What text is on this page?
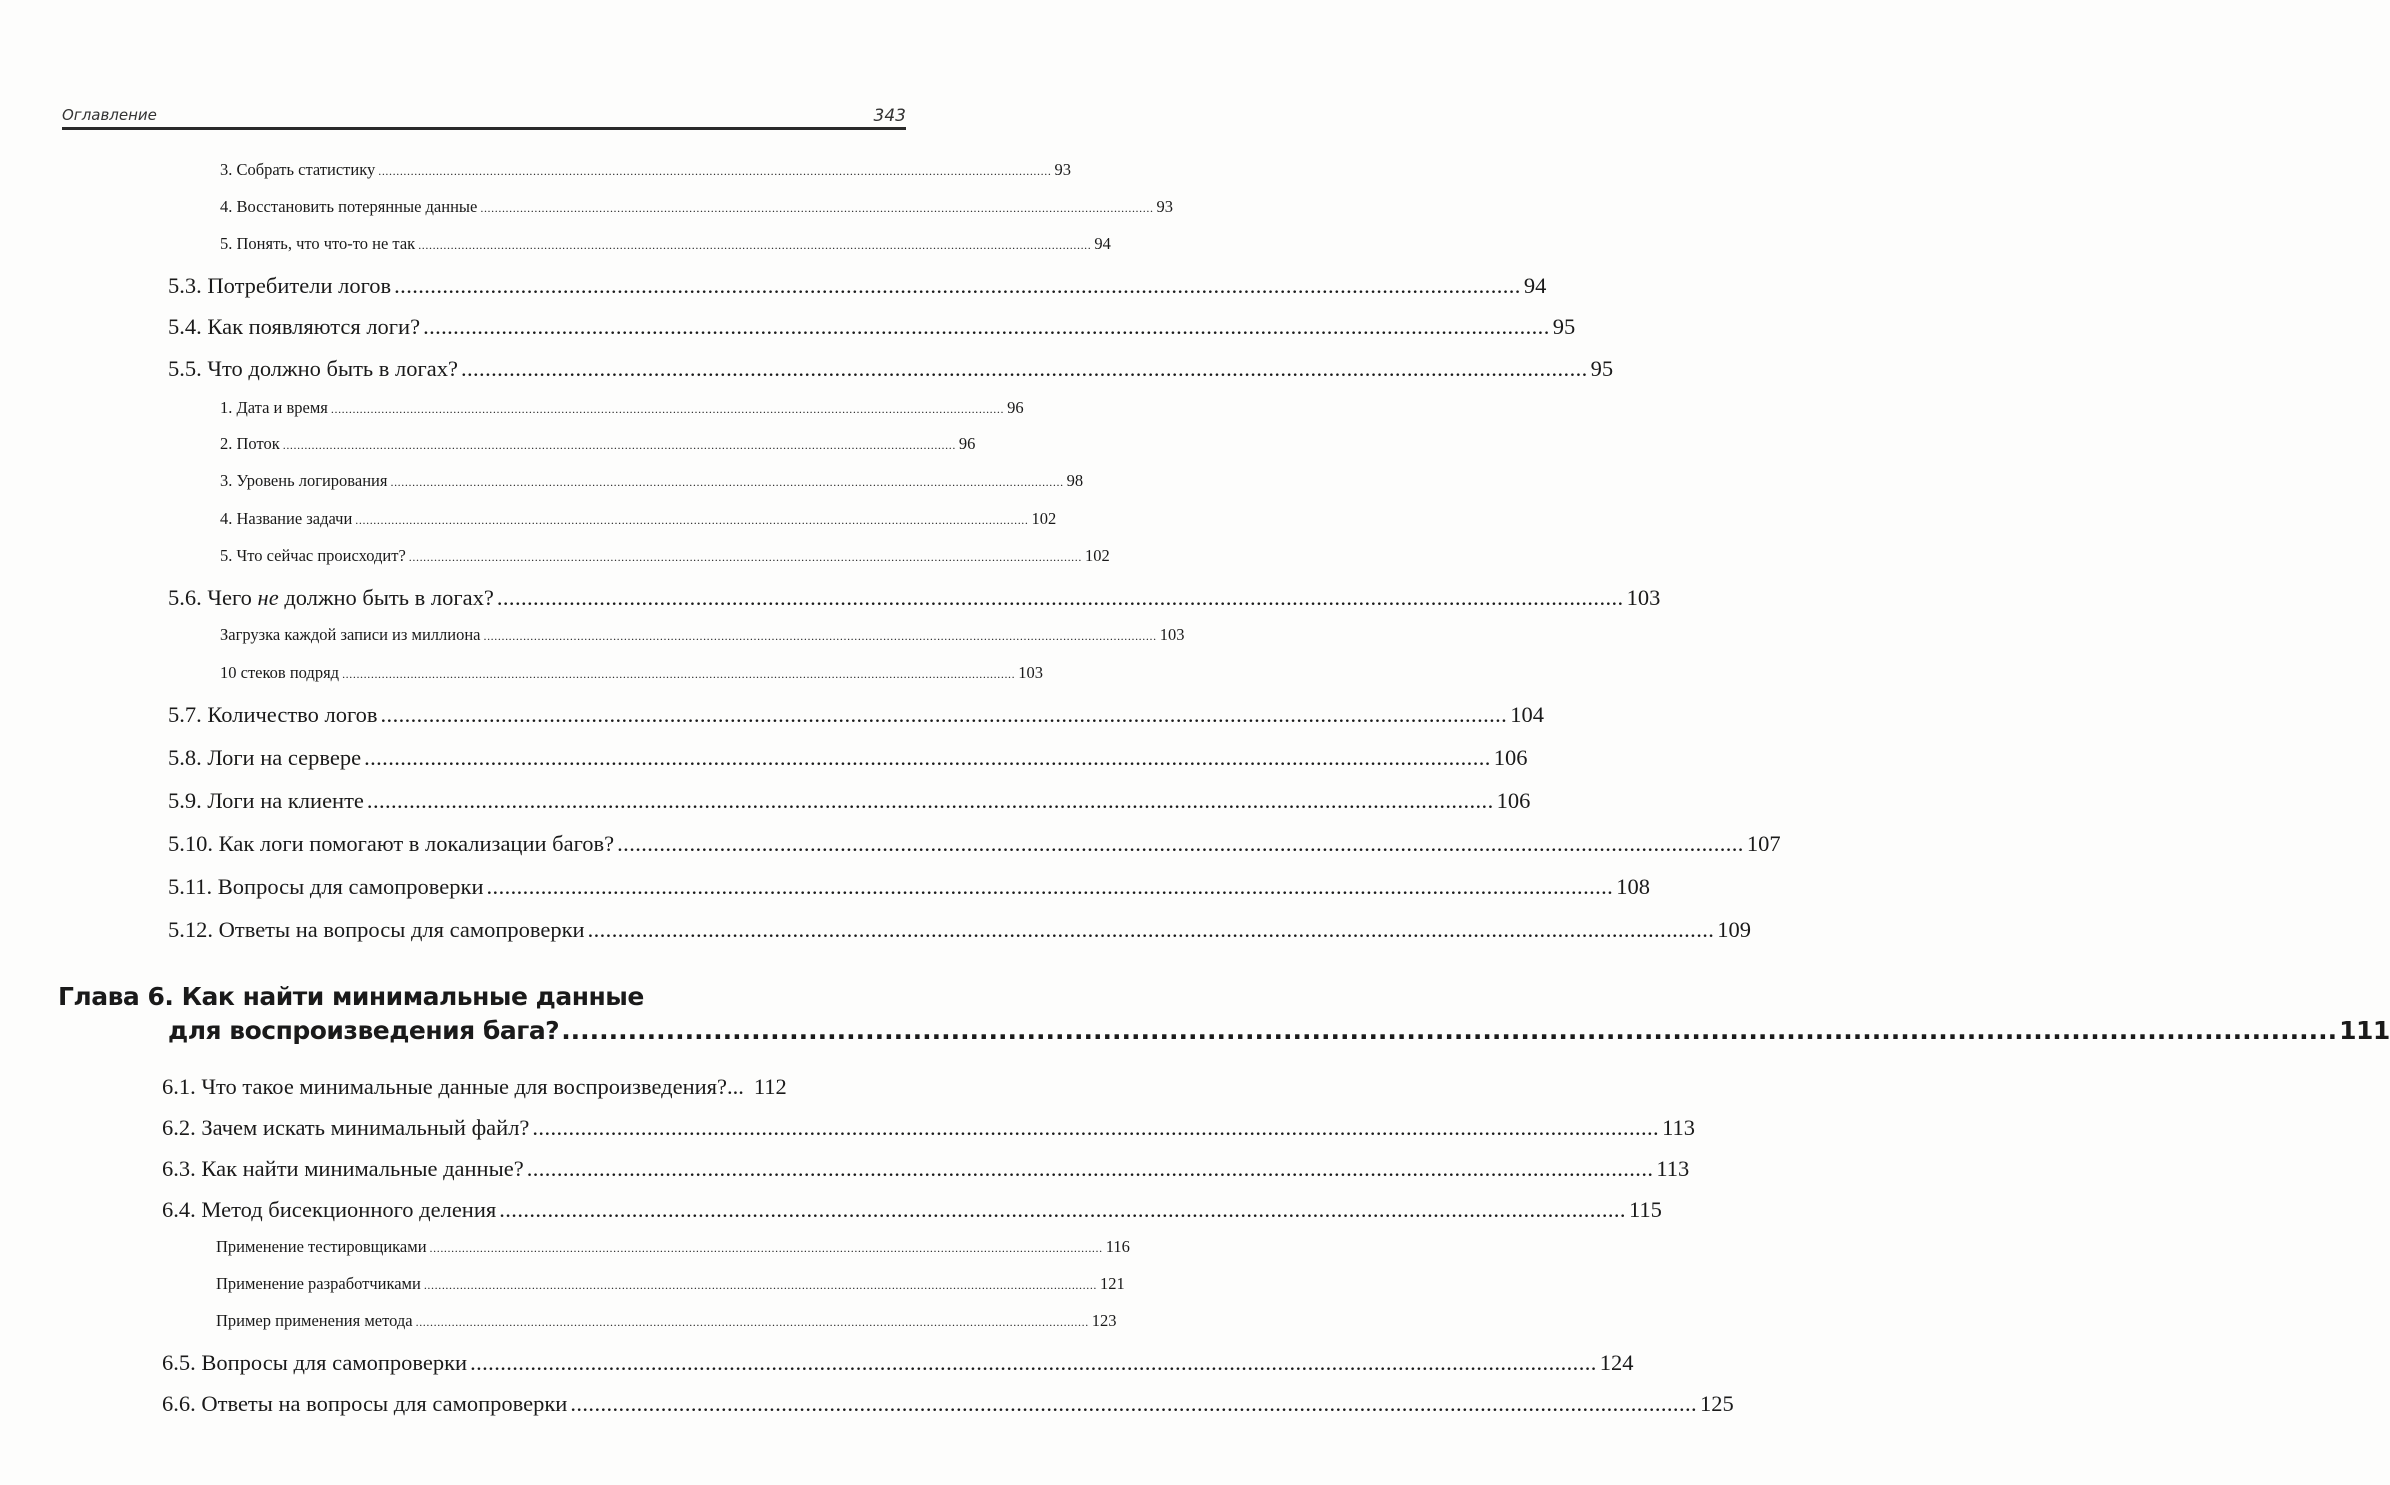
Оглавление	343
3. Собрать статистику ........................................................................................................................................................................................... 93
4. Восстановить потерянные данные ........................................................................................................................................................................................... 93
5. Понять, что что-то не так ........................................................................................................................................................................................... 94
5.3. Потребители логов ........................................................................................................................................................................................... 94
5.4. Как появляются логи? ........................................................................................................................................................................................... 95
5.5. Что должно быть в логах? ........................................................................................................................................................................................... 95
1. Дата и время ........................................................................................................................................................................................... 96
2. Поток ........................................................................................................................................................................................... 96
3. Уровень логирования ........................................................................................................................................................................................... 98
4. Название задачи ........................................................................................................................................................................................... 102
5. Что сейчас происходит? ........................................................................................................................................................................................... 102
5.6. Чего не должно быть в логах? ........................................................................................................................................................................................... 103
Загрузка каждой записи из миллиона ........................................................................................................................................................................................... 103
10 стеков подряд ........................................................................................................................................................................................... 103
5.7. Количество логов ........................................................................................................................................................................................... 104
5.8. Логи на сервере ........................................................................................................................................................................................... 106
5.9. Логи на клиенте ........................................................................................................................................................................................... 106
5.10. Как логи помогают в локализации багов? ........................................................................................................................................................................................... 107
5.11. Вопросы для самопроверки ........................................................................................................................................................................................... 108
5.12. Ответы на вопросы для самопроверки ........................................................................................................................................................................................... 109
Глава 6. Как найти минимальные данные
для воспроизведения бага? ........................................................................................................................................................................................... 111
6.1. Что такое минимальные данные для воспроизведения?... 112
6.2. Зачем искать минимальный файл? ........................................................................................................................................................................................... 113
6.3. Как найти минимальные данные? ........................................................................................................................................................................................... 113
6.4. Метод бисекционного деления ........................................................................................................................................................................................... 115
Применение тестировщиками ........................................................................................................................................................................................... 116
Применение разработчиками ........................................................................................................................................................................................... 121
Пример применения метода ........................................................................................................................................................................................... 123
6.5. Вопросы для самопроверки ........................................................................................................................................................................................... 124
6.6. Ответы на вопросы для самопроверки ........................................................................................................................................................................................... 125
